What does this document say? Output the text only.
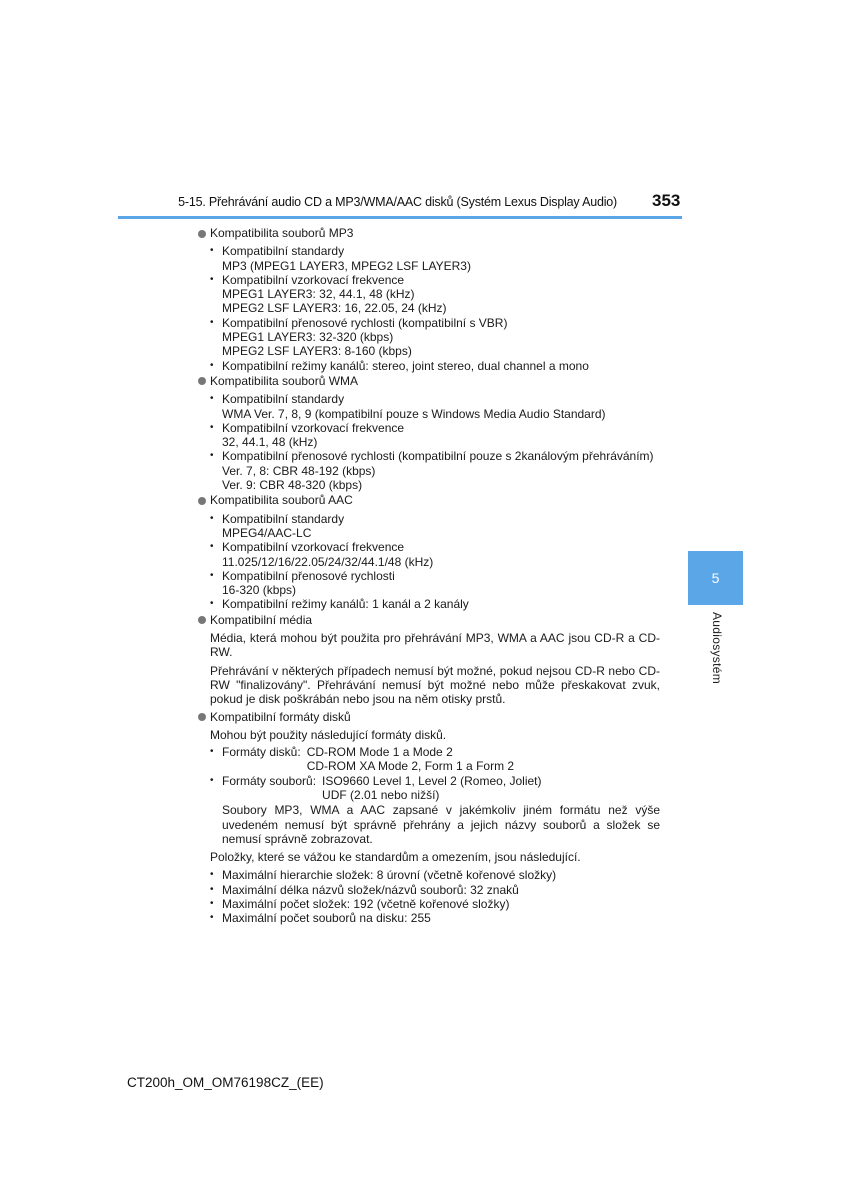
5-15. Přehrávání audio CD a MP3/WMA/AAC disků (Systém Lexus Display Audio) 353
5
Audiosystém

Kompatibilita souborů MP3

• Kompatibilní standardy
MP3 (MPEG1 LAYER3, MPEG2 LSF LAYER3)
• Kompatibilní vzorkovací frekvence
MPEG1 LAYER3: 32, 44.1, 48 (kHz)
MPEG2 LSF LAYER3: 16, 22.05, 24 (kHz)
• Kompatibilní přenosové rychlosti (kompatibilní s VBR)
MPEG1 LAYER3: 32-320 (kbps)
MPEG2 LSF LAYER3: 8-160 (kbps)
• Kompatibilní režimy kanálů: stereo, joint stereo, dual channel a mono

Kompatibilita souborů WMA

• Kompatibilní standardy
WMA Ver. 7, 8, 9 (kompatibilní pouze s Windows Media Audio Standard)
• Kompatibilní vzorkovací frekvence
32, 44.1, 48 (kHz)
• Kompatibilní přenosové rychlosti (kompatibilní pouze s 2kanálovým přehráváním)
Ver. 7, 8: CBR 48-192 (kbps)
Ver. 9: CBR 48-320 (kbps)

Kompatibilita souborů AAC

• Kompatibilní standardy
MPEG4/AAC-LC
• Kompatibilní vzorkovací frekvence
11.025/12/16/22.05/24/32/44.1/48 (kHz)
• Kompatibilní přenosové rychlosti
16-320 (kbps)
• Kompatibilní režimy kanálů: 1 kanál a 2 kanály

Kompatibilní média

Média, která mohou být použita pro přehrávání MP3, WMA a AAC jsou CD-R a CD-RW.

Přehrávání v některých případech nemusí být možné, pokud nejsou CD-R nebo CD-RW "finalizovány". Přehrávání nemusí být možné nebo může přeskakovat zvuk, pokud je disk poškrábán nebo jsou na něm otisky prstů.

Kompatibilní formáty disků

Mohou být použity následující formáty disků.

• Formáty disků: CD-ROM Mode 1 a Mode 2
CD-ROM XA Mode 2, Form 1 a Form 2
• Formáty souborů: ISO9660 Level 1, Level 2 (Romeo, Joliet)
UDF (2.01 nebo nižší)

Soubory MP3, WMA a AAC zapsané v jakémkoliv jiném formátu než výše uvedeném nemusí být správně přehrány a jejich názvy souborů a složek se nemusí správně zobrazovat.

Položky, které se vážou ke standardům a omezením, jsou následující.

• Maximální hierarchie složek: 8 úrovní (včetně kořenové složky)
• Maximální délka názvů složek/názvů souborů: 32 znaků
• Maximální počet složek: 192 (včetně kořenové složky)
• Maximální počet souborů na disku: 255
CT200h_OM_OM76198CZ_(EE)
